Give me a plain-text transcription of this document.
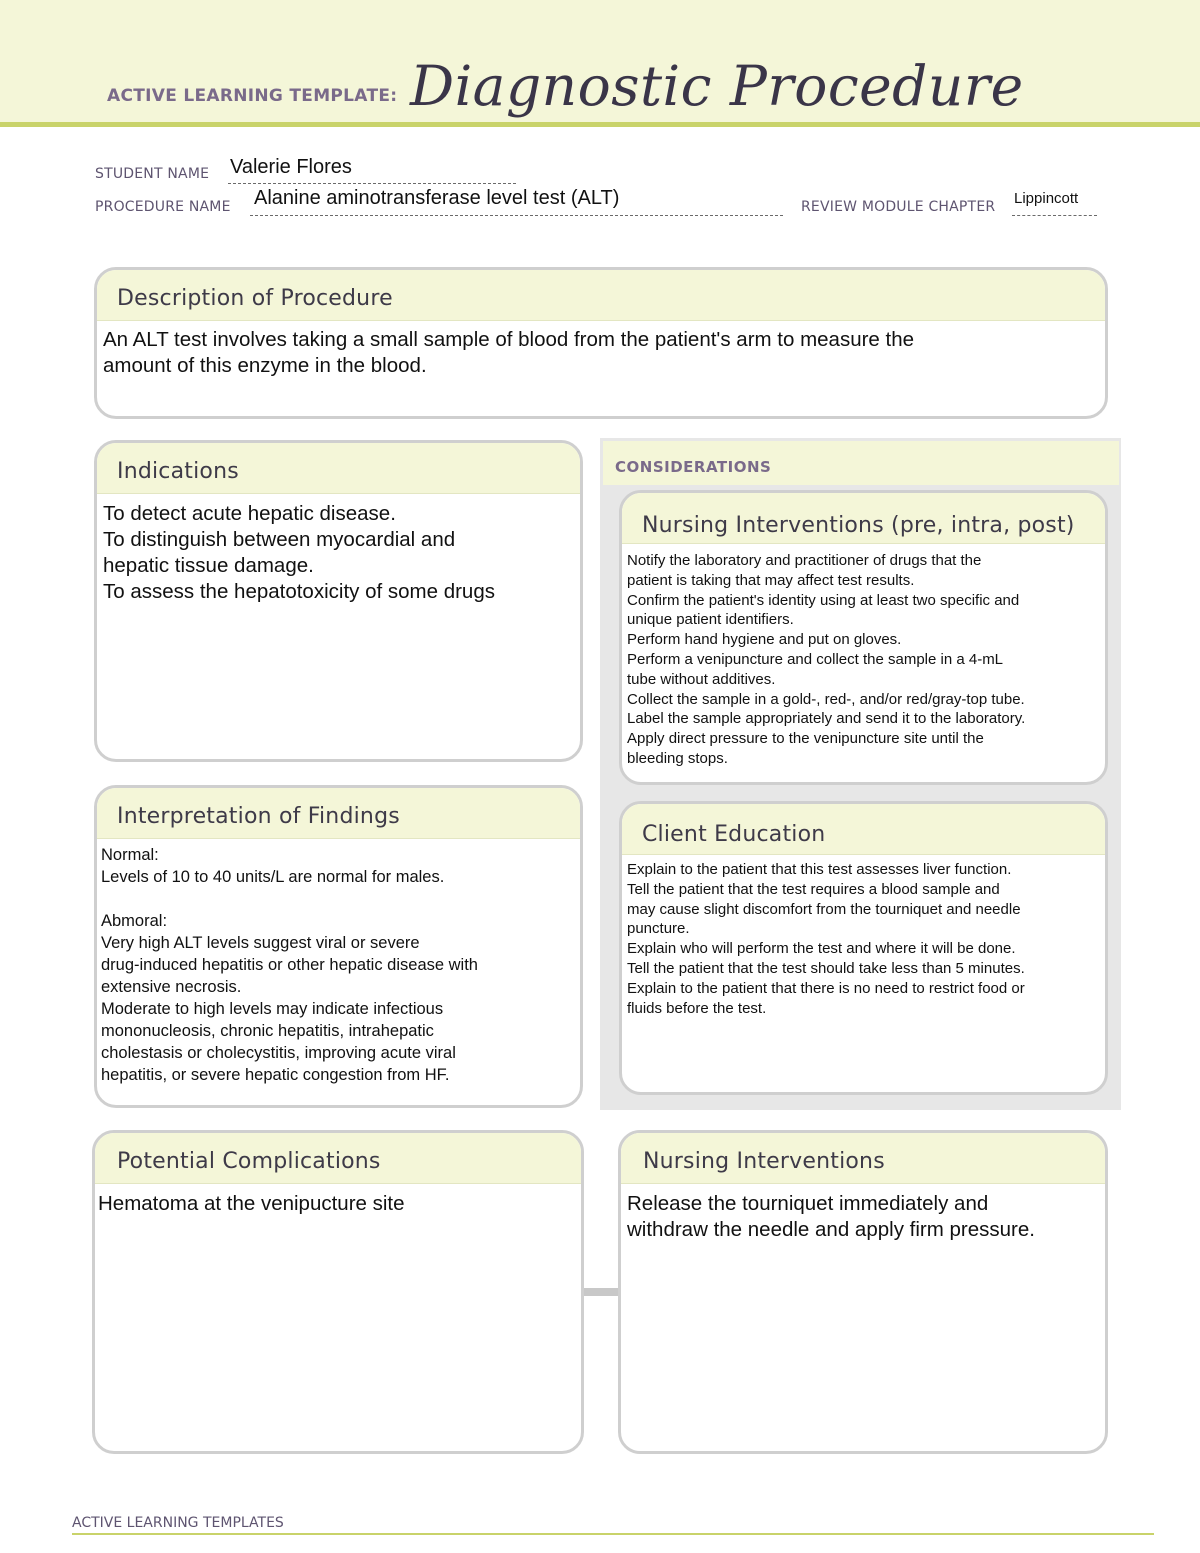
ACTIVE LEARNING TEMPLATE: Diagnostic Procedure
STUDENT NAME Valerie Flores
PROCEDURE NAME Alanine aminotransferase level test (ALT)	REVIEW MODULE CHAPTER Lippincott
Description of Procedure
An ALT test involves taking a small sample of blood from the patient's arm to measure the
amount of this enzyme in the blood.
Indications
To detect acute hepatic disease.
To distinguish between myocardial and
hepatic tissue damage.
To assess the hepatotoxicity of some drugs
Interpretation of Findings
Normal:
Levels of 10 to 40 units/L are normal for males.

Abmoral:
Very high ALT levels suggest viral or severe
drug-induced hepatitis or other hepatic disease with
extensive necrosis.
Moderate to high levels may indicate infectious
mononucleosis, chronic hepatitis, intrahepatic
cholestasis or cholecystitis, improving acute viral
hepatitis, or severe hepatic congestion from HF.
CONSIDERATIONS
Nursing Interventions (pre, intra, post)
Notify the laboratory and practitioner of drugs that the
patient is taking that may affect test results.
Confirm the patient's identity using at least two specific and
unique patient identifiers.
Perform hand hygiene and put on gloves.
Perform a venipuncture and collect the sample in a 4-mL
tube without additives.
Collect the sample in a gold-, red-, and/or red/gray-top tube.
Label the sample appropriately and send it to the laboratory.
Apply direct pressure to the venipuncture site until the
bleeding stops.
Client Education
Explain to the patient that this test assesses liver function.
Tell the patient that the test requires a blood sample and
may cause slight discomfort from the tourniquet and needle
puncture.
Explain who will perform the test and where it will be done.
Tell the patient that the test should take less than 5 minutes.
Explain to the patient that there is no need to restrict food or
fluids before the test.
Potential Complications
Hematoma at the venipucture site
Nursing Interventions
Release the tourniquet immediately and
withdraw the needle and apply firm pressure.
ACTIVE LEARNING TEMPLATES
